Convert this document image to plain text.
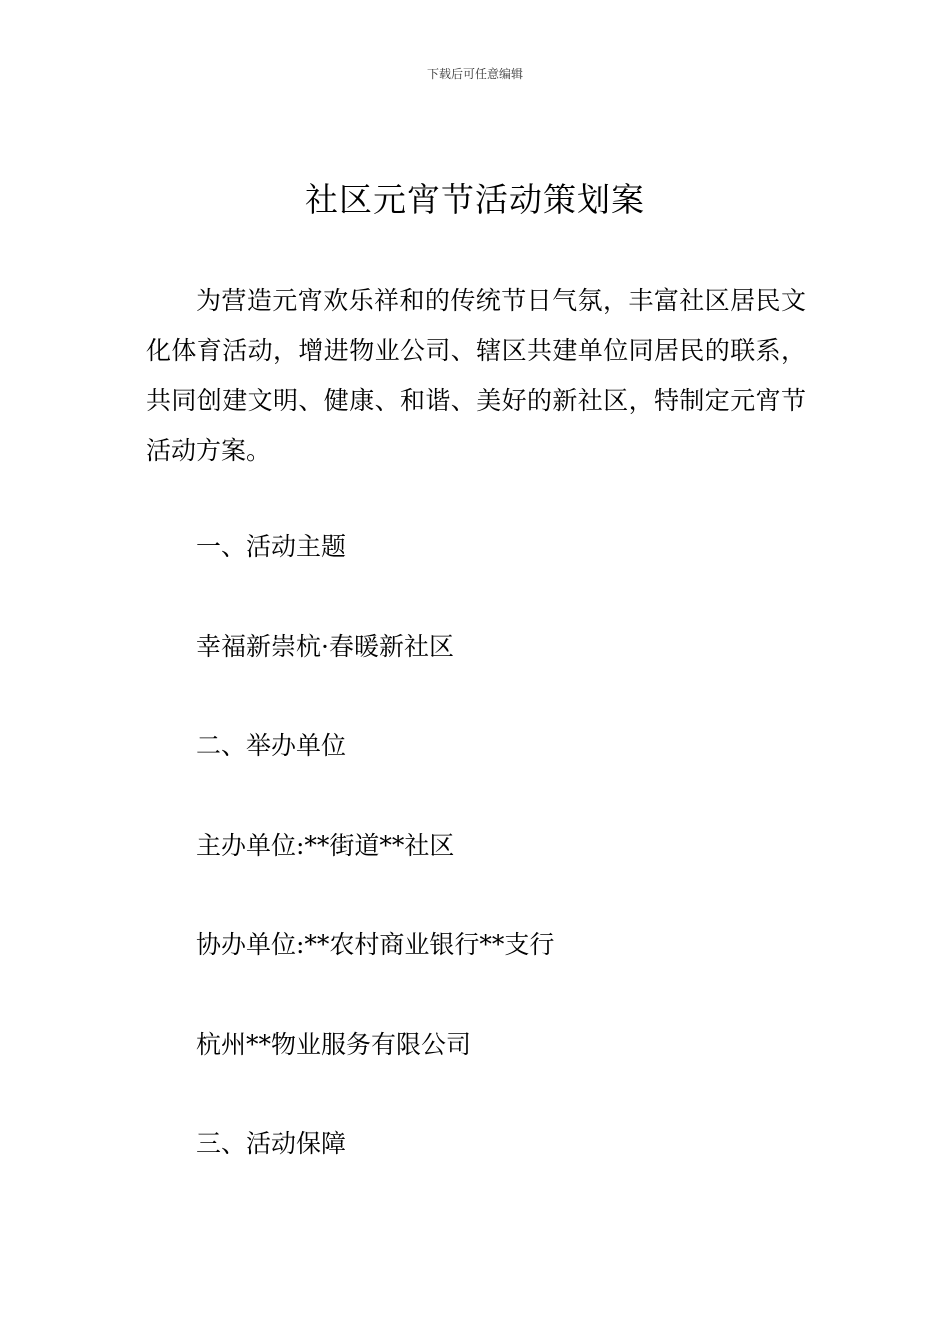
下载后可任意编辑
社区元宵节活动策划案

为营造元宵欢乐祥和的传统节日气氛，丰富社区居民文化体育活动，增进物业公司、辖区共建单位同居民的联系，共同创建文明、健康、和谐、美好的新社区，特制定元宵节活动方案。

一、活动主题

幸福新崇杭·春暖新社区

二、举办单位

主办单位:**街道**社区

协办单位:**农村商业银行**支行

杭州**物业服务有限公司

三、活动保障
